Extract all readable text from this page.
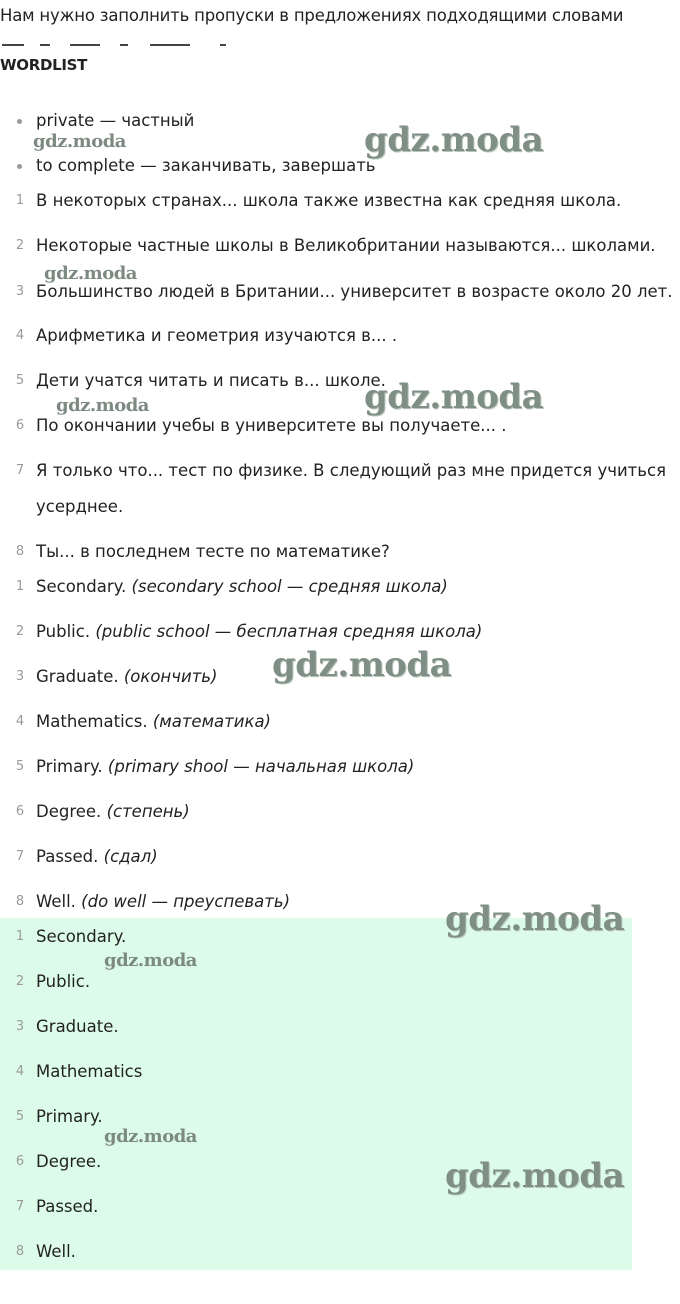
Нам нужно заполнить пропуски в предложениях подходящими словами
WORDLIST
private — частный
to complete — заканчивать, завершать
1 В некоторых странах... школа также известна как средняя школа.
2 Некоторые частные школы в Великобритании называются... школами.
3 Большинство людей в Британии... университет в возрасте около 20 лет.
4 Арифметика и геометрия изучаются в... .
5 Дети учатся читать и писать в... школе.
6 По окончании учебы в университете вы получаете... .
7 Я только что... тест по физике. В следующий раз мне придется учиться
усерднее.
8 Ты... в последнем тесте по математике?
1 Secondary. (secondary school — средняя школа)
2 Public. (public school — бесплатная средняя школа)
3 Graduate. (окончить)
4 Mathematics. (математика)
5 Primary. (primary shool — начальная школа)
6 Degree. (степень)
7 Passed. (сдал)
8 Well. (do well — преуспевать)
1 Secondary.
2 Public.
3 Graduate.
4 Mathematics
5 Primary.
6 Degree.
7 Passed.
8 Well.
gdz.moda
gdz.moda
gdz.moda
gdz.moda
gdz.moda
gdz.moda
gdz.moda
gdz.moda
gdz.moda
gdz.moda
